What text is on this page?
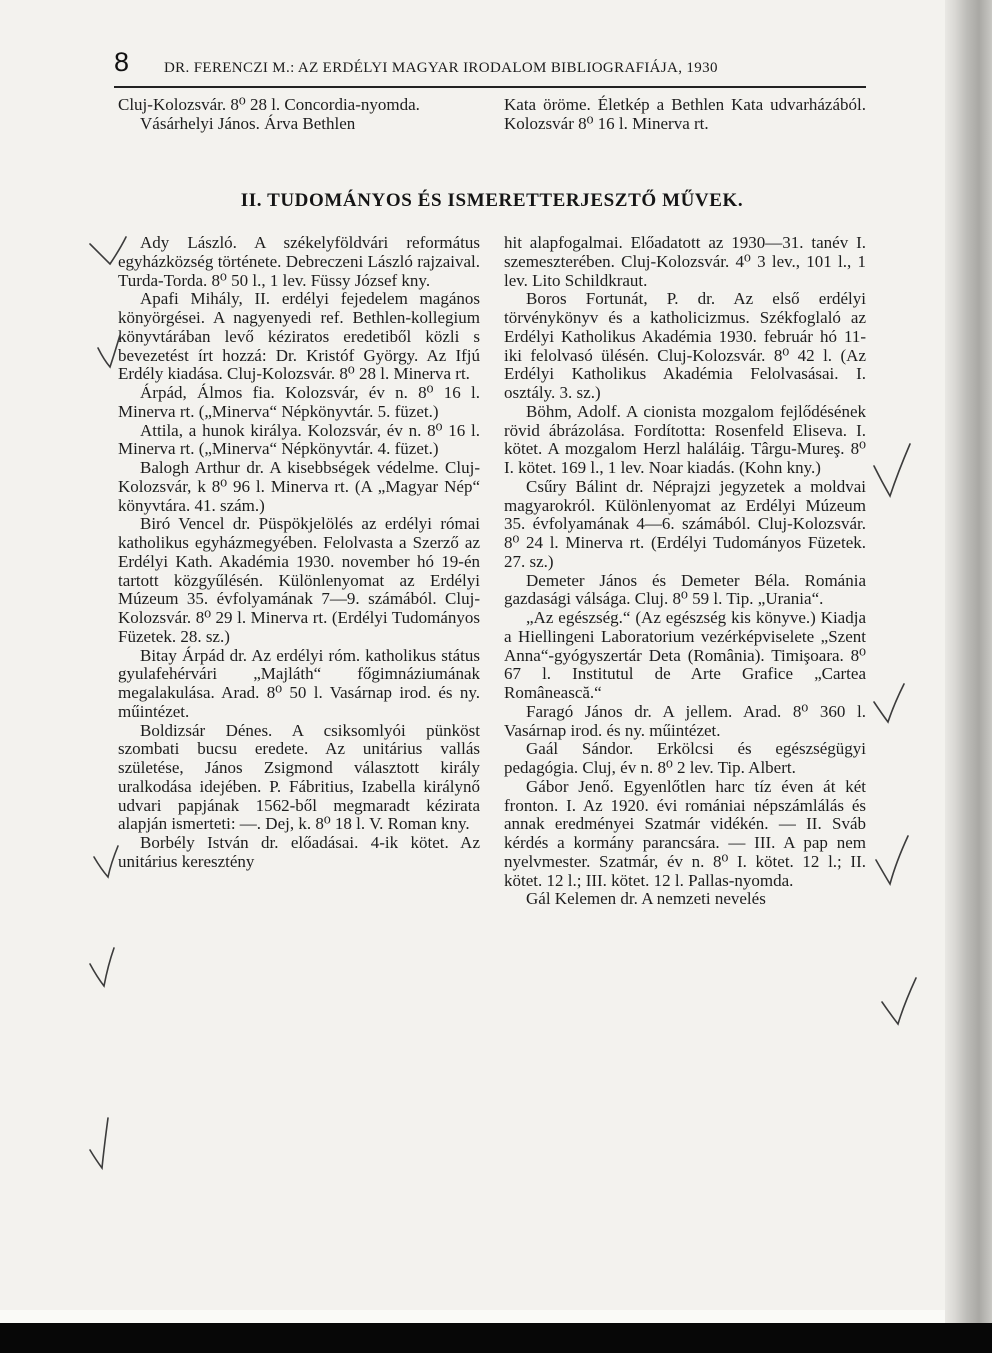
8 DR. FERENCZI M.: AZ ERDÉLYI MAGYAR IRODALOM BIBLIOGRAFIÁJA, 1930

Cluj-Kolozsvár. 8⁰ 28 l. Concordia-nyomda.

Vásárhelyi János. Árva Bethlen

Kata öröme. Életkép a Bethlen Kata udvarházából. Kolozsvár 8⁰ 16 l. Minerva rt.

II. TUDOMÁNYOS ÉS ISMERETTERJESZTŐ MŰVEK.

Ady László. A székelyföldvári református egyházközség története. Debreczeni László rajzaival. Turda-Torda. 8⁰ 50 l., 1 lev. Füssy József kny.

Apafi Mihály, II. erdélyi fejedelem magános könyörgései. A nagyenyedi ref. Bethlen-kollegium könyvtárában levő kéziratos eredetiből közli s bevezetést írt hozzá: Dr. Kristóf György. Az Ifjú Erdély kiadása. Cluj-Kolozsvár. 8⁰ 28 l. Minerva rt.

Árpád, Álmos fia. Kolozsvár, év n. 8⁰ 16 l. Minerva rt. („Minerva“ Népkönyvtár. 5. füzet.)

Attila, a hunok királya. Kolozsvár, év n. 8⁰ 16 l. Minerva rt. („Minerva“ Népkönyvtár. 4. füzet.)

Balogh Arthur dr. A kisebbségek védelme. Cluj-Kolozsvár, k 8⁰ 96 l. Minerva rt. (A „Magyar Nép“ könyvtára. 41. szám.)

Biró Vencel dr. Püspökjelölés az erdélyi római katholikus egyházmegyében. Felolvasta a Szerző az Erdélyi Kath. Akadémia 1930. november hó 19-én tartott közgyűlésén. Különlenyomat az Erdélyi Múzeum 35. évfolyamának 7—9. számából. Cluj-Kolozsvár. 8⁰ 29 l. Minerva rt. (Erdélyi Tudományos Füzetek. 28. sz.)

Bitay Árpád dr. Az erdélyi róm. katholikus státus gyulafehérvári „Majláth“ főgimnáziumának megalakulása. Arad. 8⁰ 50 l. Vasárnap irod. és ny. műintézet.

Boldizsár Dénes. A csiksomlyói pünköst szombati bucsu eredete. Az unitárius vallás születése, János Zsigmond választott király uralkodása idejében. P. Fábritius, Izabella királynő udvari papjának 1562-ből megmaradt kézirata alapján ismerteti: —. Dej, k. 8⁰ 18 l. V. Roman kny.

Borbély István dr. előadásai. 4-ik kötet. Az unitárius keresztény

hit alapfogalmai. Előadatott az 1930—31. tanév I. szemeszterében. Cluj-Kolozsvár. 4⁰ 3 lev., 101 l., 1 lev. Lito Schildkraut.

Boros Fortunát, P. dr. Az első erdélyi törvénykönyv és a katholicizmus. Székfoglaló az Erdélyi Katholikus Akadémia 1930. február hó 11-iki felolvasó ülésén. Cluj-Kolozsvár. 8⁰ 42 l. (Az Erdélyi Katholikus Akadémia Felolvasásai. I. osztály. 3. sz.)

Böhm, Adolf. A cionista mozgalom fejlődésének rövid ábrázolása. Fordította: Rosenfeld Eliseva. I. kötet. A mozgalom Herzl haláláig. Târgu-Mureş. 8⁰ I. kötet. 169 l., 1 lev. Noar kiadás. (Kohn kny.)

Csűry Bálint dr. Néprajzi jegyzetek a moldvai magyarokról. Különlenyomat az Erdélyi Múzeum 35. évfolyamának 4—6. számából. Cluj-Kolozsvár. 8⁰ 24 l. Minerva rt. (Erdélyi Tudományos Füzetek. 27. sz.)

Demeter János és Demeter Béla. Románia gazdasági válsága. Cluj. 8⁰ 59 l. Tip. „Urania“.

„Az egészség.“ (Az egészség kis könyve.) Kiadja a Hiellingeni Laboratorium vezérképviselete „Szent Anna“-gyógyszertár Deta (România). Timişoara. 8⁰ 67 l. Institutul de Arte Grafice „Cartea Românească.“

Faragó János dr. A jellem. Arad. 8⁰ 360 l. Vasárnap irod. és ny. műintézet.

Gaál Sándor. Erkölcsi és egészségügyi pedagógia. Cluj, év n. 8⁰ 2 lev. Tip. Albert.

Gábor Jenő. Egyenlőtlen harc tíz éven át két fronton. I. Az 1920. évi romániai népszámlálás és annak eredményei Szatmár vidékén. — II. Sváb kérdés a kormány parancsára. — III. A pap nem nyelvmester. Szatmár, év n. 8⁰ I. kötet. 12 l.; II. kötet. 12 l.; III. kötet. 12 l. Pallas-nyomda.

Gál Kelemen dr. A nemzeti nevelés
